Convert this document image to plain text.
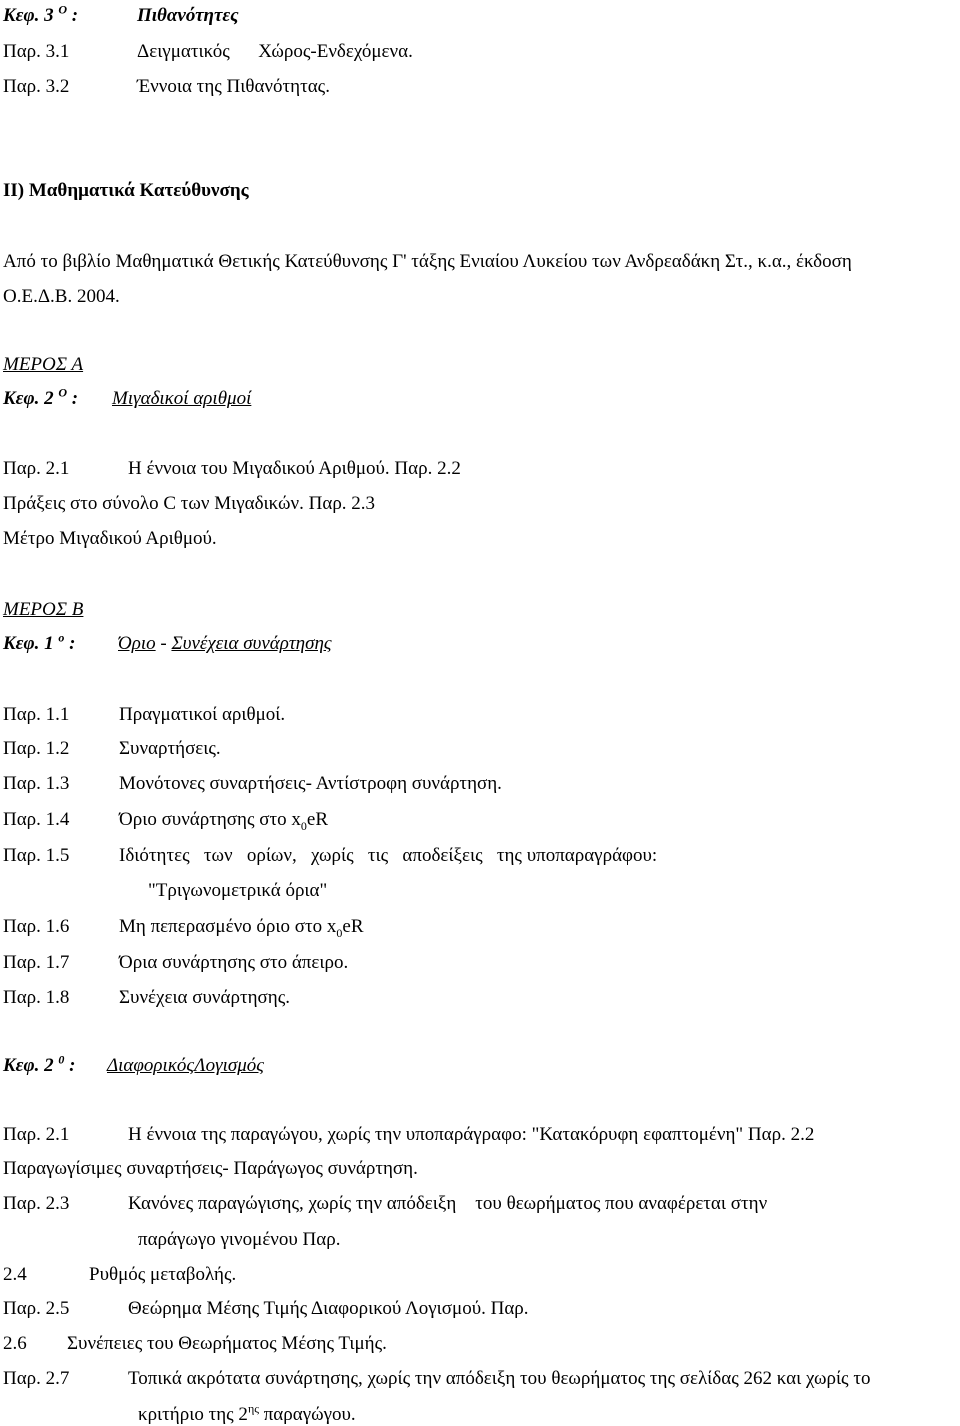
Κεφ. 3 $^O$ :	Πιθανότητες
Παρ. 3.1	Δειγματικός      Χώρος-Ενδεχόμενα.
Παρ. 3.2	Έννοια της Πιθανότητας.
ΙΙ) Μαθηματικά Κατεύθυνσης
Από το βιβλίο Μαθηματικά Θετικής Κατεύθυνσης Γ' τάξης Ενιαίου Λυκείου των Ανδρεαδάκη Στ., κ.α., έκδοση
Ο.Ε.Δ.Β. 2004.
ΜΕΡΟΣ Α
Κεφ. 2 $^O$ : Μιγαδικοί αριθμοί
Παρ. 2.1	Η έννοια του Μιγαδικού Αριθμού. Παρ. 2.2
Πράξεις στο σύνολο C των Μιγαδικών. Παρ. 2.3
Μέτρο Μιγαδικού Αριθμού.
ΜΕΡΟΣ Β
Κεφ. 1 $^o$ : Όριο - Συνέχεια συνάρτησης
Παρ. 1.1	Πραγματικοί αριθμοί.
Παρ. 1.2	Συναρτήσεις.
Παρ. 1.3	Μονότονες συναρτήσεις- Αντίστροφη συνάρτηση.
Παρ. 1.4	Όριο συνάρτησης στο $x_0eR$
Παρ. 1.5	Ιδιότητες   των   ορίων,   χωρίς   τις   αποδείξεις   της υποπαραγράφου:
"Τριγωνομετρικά όρια"
Παρ. 1.6	Μη πεπερασμένο όριο στο $x_0eR$
Παρ. 1.7	Όρια συνάρτησης στο άπειρο.
Παρ. 1.8	Συνέχεια συνάρτησης.
Κεφ. 2 $^0$ : ΔιαφορικόςΛογισμός
Παρ. 2.1	Η έννοια της παραγώγου, χωρίς την υποπαράγραφο: "Κατακόρυφη εφαπτομένη" Παρ. 2.2
Παραγωγίσιμες συναρτήσεις- Παράγωγος συνάρτηση.
Παρ. 2.3	Κανόνες παραγώγισης, χωρίς την απόδειξη    του θεωρήματος που αναφέρεται στην
παράγωγο γινομένου Παρ.
2.4	Ρυθμός μεταβολής.
Παρ. 2.5	Θεώρημα Μέσης Τιμής Διαφορικού Λογισμού. Παρ.
2.6 Συνέπειες του Θεωρήματος Μέσης Τιμής.
Παρ. 2.7	Τοπικά ακρότατα συνάρτησης, χωρίς την απόδειξη του θεωρήματος της σελίδας 262 και χωρίς το
κριτήριο της $2^{\eta\varsigma}$ παραγώγου.
